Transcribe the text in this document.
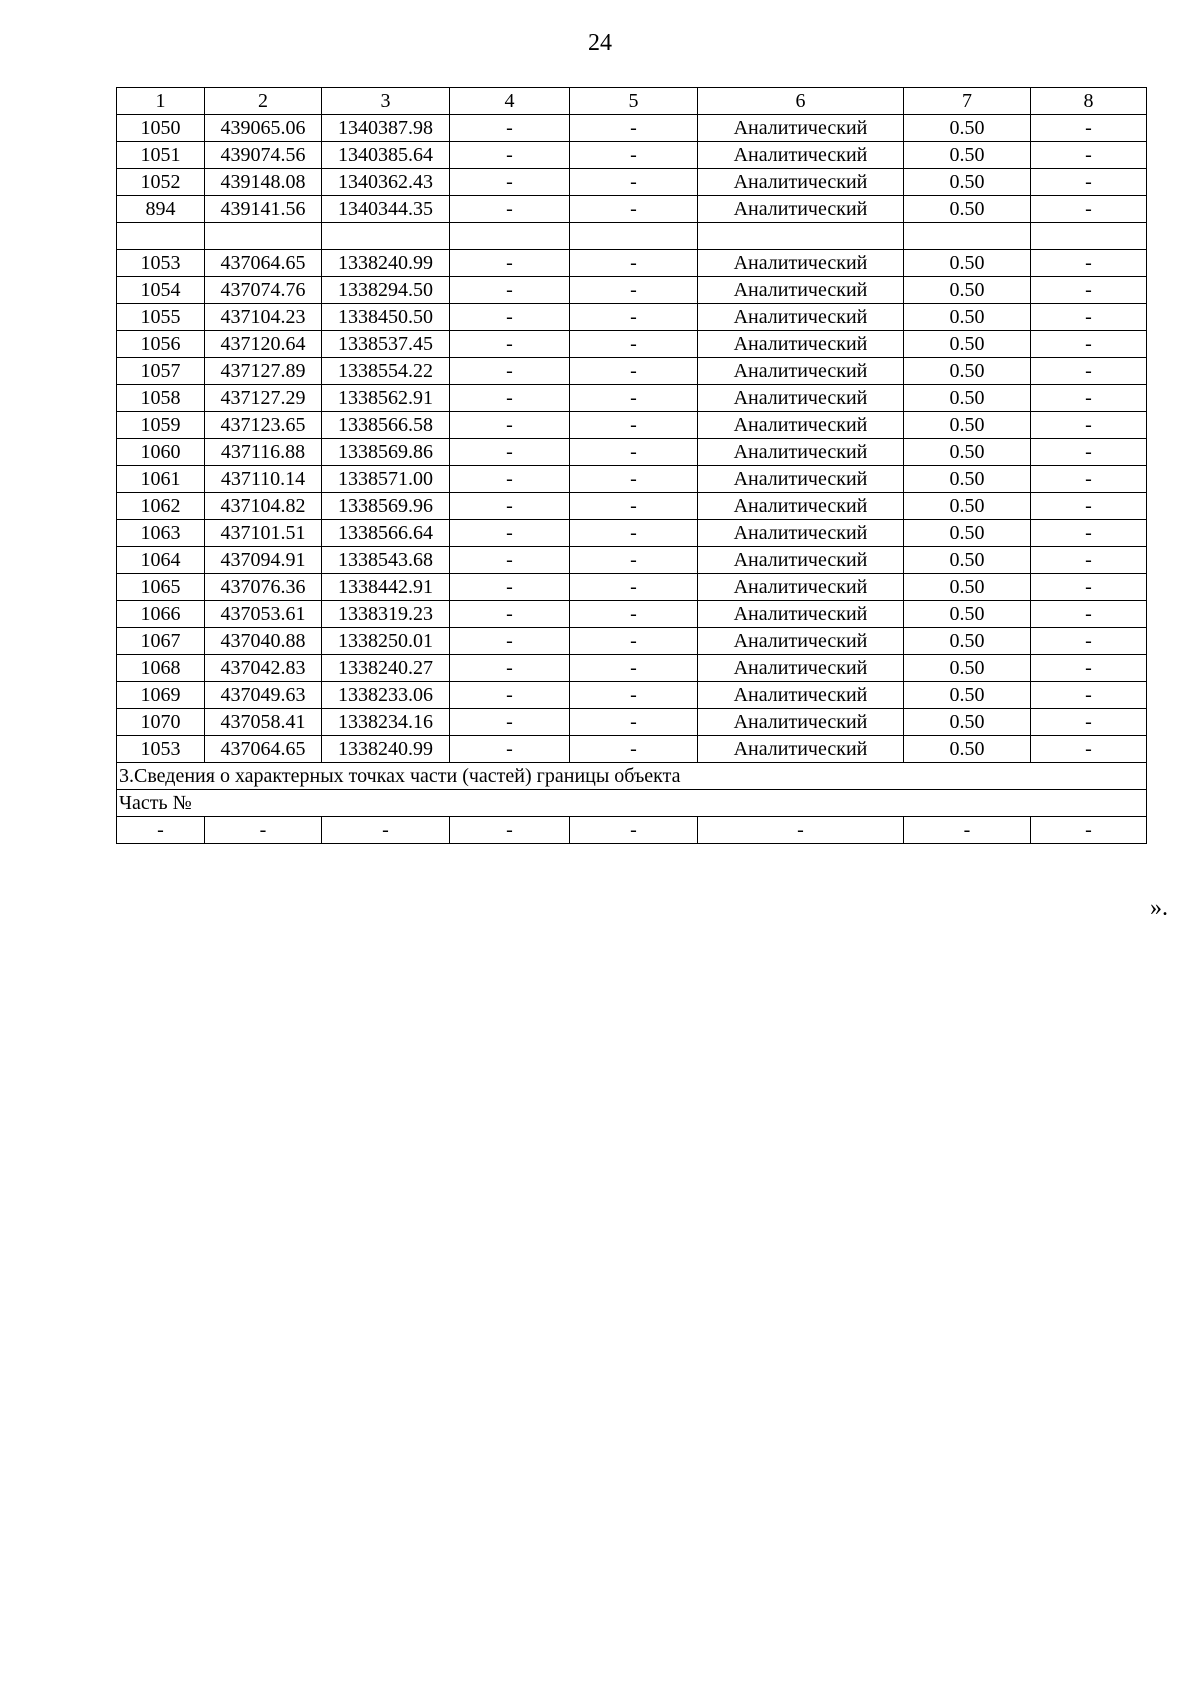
24
1	2	3	4	5	6	7	8
1050	439065.06	1340387.98	-	-	Аналитический	0.50	-
1051	439074.56	1340385.64	-	-	Аналитический	0.50	-
1052	439148.08	1340362.43	-	-	Аналитический	0.50	-
894	439141.56	1340344.35	-	-	Аналитический	0.50	-

1053	437064.65	1338240.99	-	-	Аналитический	0.50	-
1054	437074.76	1338294.50	-	-	Аналитический	0.50	-
1055	437104.23	1338450.50	-	-	Аналитический	0.50	-
1056	437120.64	1338537.45	-	-	Аналитический	0.50	-
1057	437127.89	1338554.22	-	-	Аналитический	0.50	-
1058	437127.29	1338562.91	-	-	Аналитический	0.50	-
1059	437123.65	1338566.58	-	-	Аналитический	0.50	-
1060	437116.88	1338569.86	-	-	Аналитический	0.50	-
1061	437110.14	1338571.00	-	-	Аналитический	0.50	-
1062	437104.82	1338569.96	-	-	Аналитический	0.50	-
1063	437101.51	1338566.64	-	-	Аналитический	0.50	-
1064	437094.91	1338543.68	-	-	Аналитический	0.50	-
1065	437076.36	1338442.91	-	-	Аналитический	0.50	-
1066	437053.61	1338319.23	-	-	Аналитический	0.50	-
1067	437040.88	1338250.01	-	-	Аналитический	0.50	-
1068	437042.83	1338240.27	-	-	Аналитический	0.50	-
1069	437049.63	1338233.06	-	-	Аналитический	0.50	-
1070	437058.41	1338234.16	-	-	Аналитический	0.50	-
1053	437064.65	1338240.99	-	-	Аналитический	0.50	-
3.Сведения о характерных точках части (частей) границы объекта							
Часть №							
-	-	-	-	-	-	-	-
».
